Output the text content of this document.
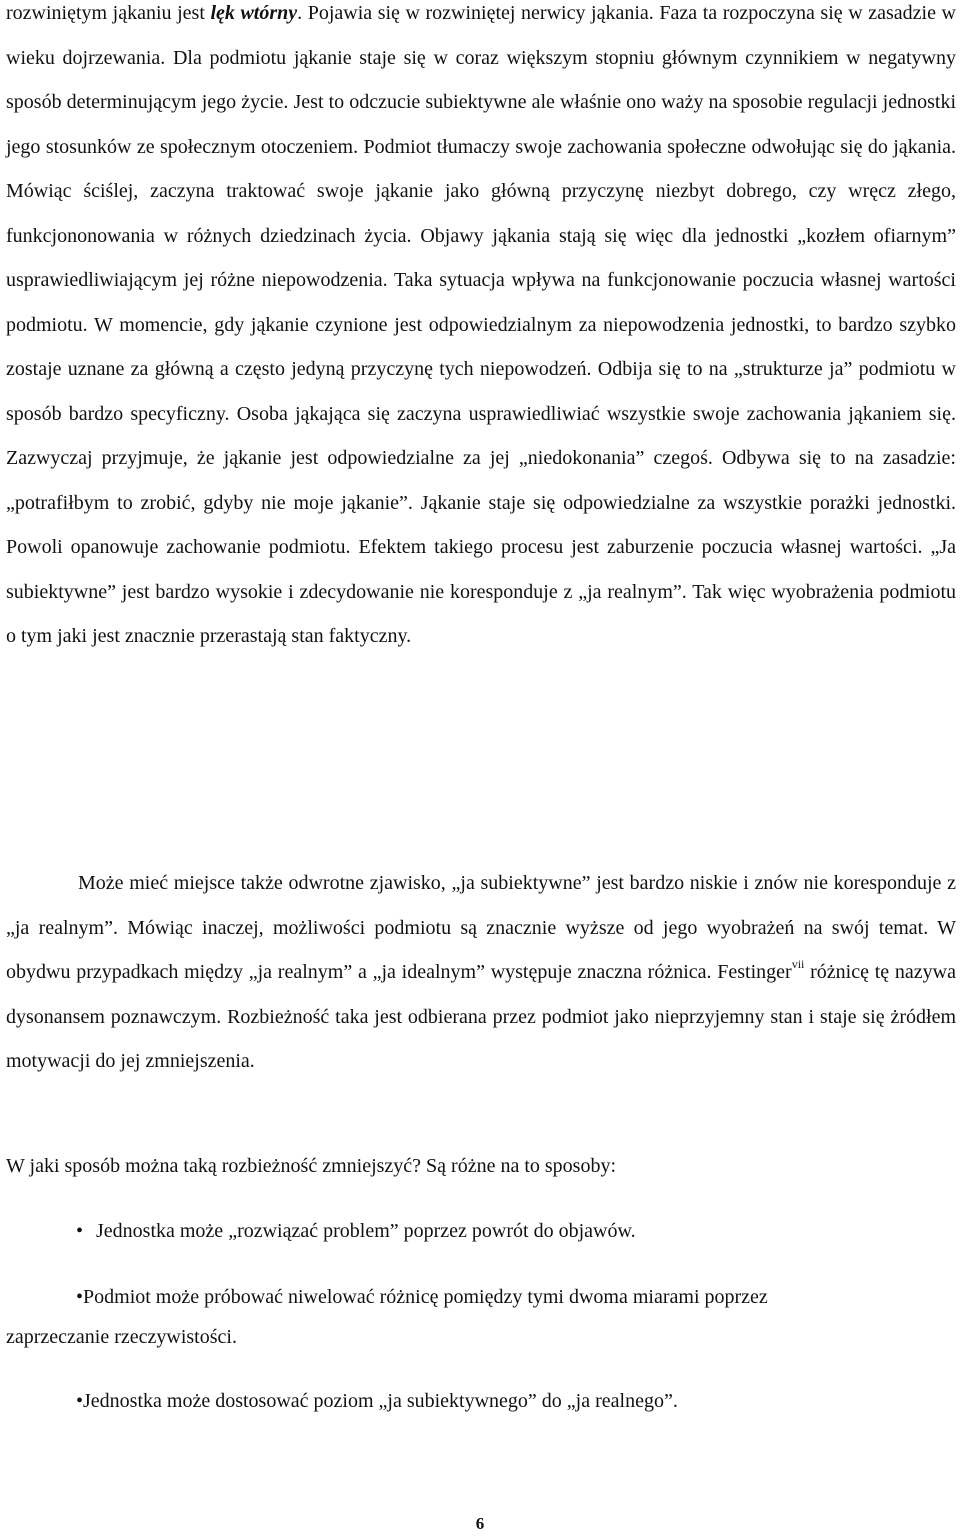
rozwiniętym jąkaniu jest lęk wtórny. Pojawia się w rozwiniętej nerwicy jąkania. Faza ta rozpoczyna się w zasadzie w wieku dojrzewania. Dla podmiotu jąkanie staje się w coraz większym stopniu głównym czynnikiem w negatywny sposób determinującym jego życie. Jest to odczucie subiektywne ale właśnie ono waży na sposobie regulacji jednostki jego stosunków ze społecznym otoczeniem. Podmiot tłumaczy swoje zachowania społeczne odwołując się do jąkania. Mówiąc ściślej, zaczyna traktować swoje jąkanie jako główną przyczynę niezbyt dobrego, czy wręcz złego, funkcjononowania w różnych dziedzinach życia. Objawy jąkania stają się więc dla jednostki „kozłem ofiarnym” usprawiedliwiającym jej różne niepowodzenia. Taka sytuacja wpływa na funkcjonowanie poczucia własnej wartości podmiotu. W momencie, gdy jąkanie czynione jest odpowiedzialnym za niepowodzenia jednostki, to bardzo szybko zostaje uznane za główną a często jedyną przyczynę tych niepowodzeń. Odbija się to na „strukturze ja” podmiotu w sposób bardzo specyficzny. Osoba jąkająca się zaczyna usprawiedliwiać wszystkie swoje zachowania jąkaniem się. Zazwyczaj przyjmuje, że jąkanie jest odpowiedzialne za jej „niedokonania” czegoś. Odbywa się to na zasadzie: „potrafiłbym to zrobić, gdyby nie moje jąkanie”. Jąkanie staje się odpowiedzialne za wszystkie porażki jednostki. Powoli opanowuje zachowanie podmiotu. Efektem takiego procesu jest zaburzenie poczucia własnej wartości. „Ja subiektywne” jest bardzo wysokie i zdecydowanie nie koresponduje z „ja realnym”. Tak więc wyobrażenia podmiotu o tym jaki jest znacznie przerastają stan faktyczny.

Może mieć miejsce także odwrotne zjawisko, „ja subiektywne” jest bardzo niskie i znów nie koresponduje z „ja realnym”. Mówiąc inaczej, możliwości podmiotu są znacznie wyższe od jego wyobrażeń na swój temat. W obydwu przypadkach między „ja realnym” a „ja idealnym” występuje znaczna różnica. Festinger$^{vii}$ różnicę tę nazywa dysonansem poznawczym. Rozbieżność taka jest odbierana przez podmiot jako nieprzyjemny stan i staje się żródłem motywacji do jej zmniejszenia.

W jaki sposób można taką rozbieżność zmniejszyć? Są różne na to sposoby:

• Jednostka może „rozwiązać problem” poprzez powrót do objawów.

•Podmiot może próbować niwelować różnicę pomiędzy tymi dwoma miarami poprzez

zaprzeczanie rzeczywistości.

•Jednostka może dostosować poziom „ja subiektywnego” do „ja realnego”.

6
